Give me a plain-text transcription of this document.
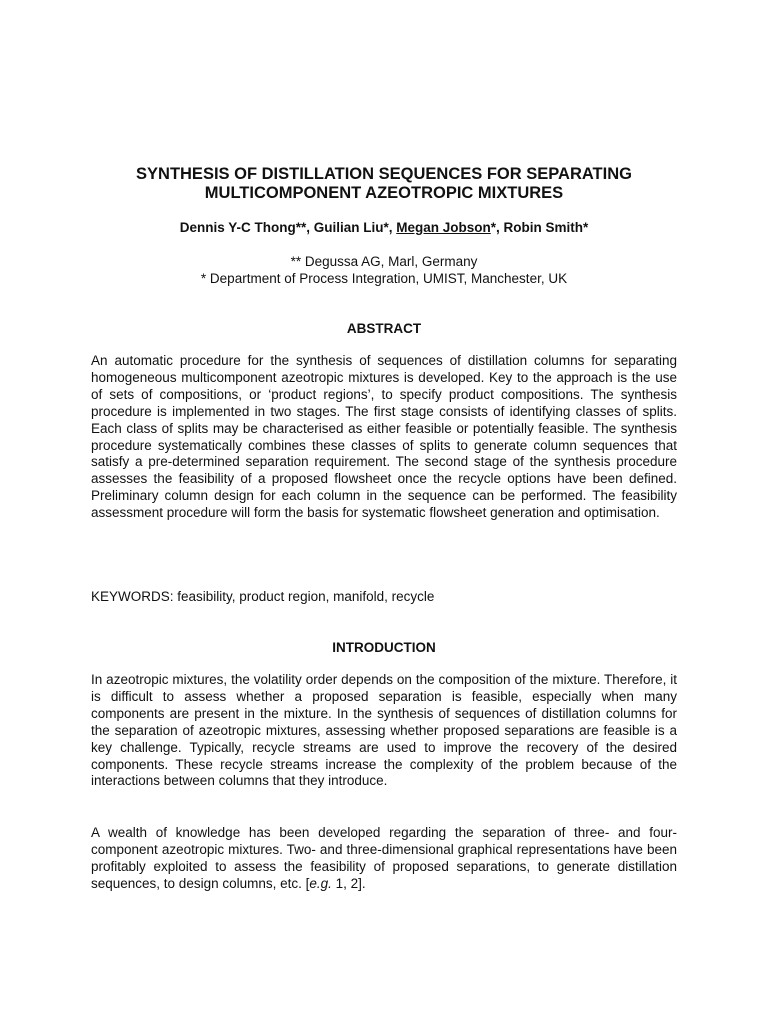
SYNTHESIS OF DISTILLATION SEQUENCES FOR SEPARATING
MULTICOMPONENT AZEOTROPIC MIXTURES

Dennis Y-C Thong**, Guilian Liu*, Megan Jobson*, Robin Smith*

** Degussa AG, Marl, Germany
* Department of Process Integration, UMIST, Manchester, UK

ABSTRACT

An automatic procedure for the synthesis of sequences of distillation columns for separating homogeneous multicomponent azeotropic mixtures is developed. Key to the approach is the use of sets of compositions, or ‘product regions’, to specify product compositions. The synthesis procedure is implemented in two stages. The first stage consists of identifying classes of splits. Each class of splits may be characterised as either feasible or potentially feasible. The synthesis procedure systematically combines these classes of splits to generate column sequences that satisfy a pre-determined separation requirement. The second stage of the synthesis procedure assesses the feasibility of a proposed flowsheet once the recycle options have been defined. Preliminary column design for each column in the sequence can be performed. The feasibility assessment procedure will form the basis for systematic flowsheet generation and optimisation.

KEYWORDS: feasibility, product region, manifold, recycle

INTRODUCTION

In azeotropic mixtures, the volatility order depends on the composition of the mixture. Therefore, it is difficult to assess whether a proposed separation is feasible, especially when many components are present in the mixture. In the synthesis of sequences of distillation columns for the separation of azeotropic mixtures, assessing whether proposed separations are feasible is a key challenge. Typically, recycle streams are used to improve the recovery of the desired components. These recycle streams increase the complexity of the problem because of the interactions between columns that they introduce.

A wealth of knowledge has been developed regarding the separation of three- and four-component azeotropic mixtures. Two- and three-dimensional graphical representations have been profitably exploited to assess the feasibility of proposed separations, to generate distillation sequences, to design columns, etc. [e.g. 1, 2].
